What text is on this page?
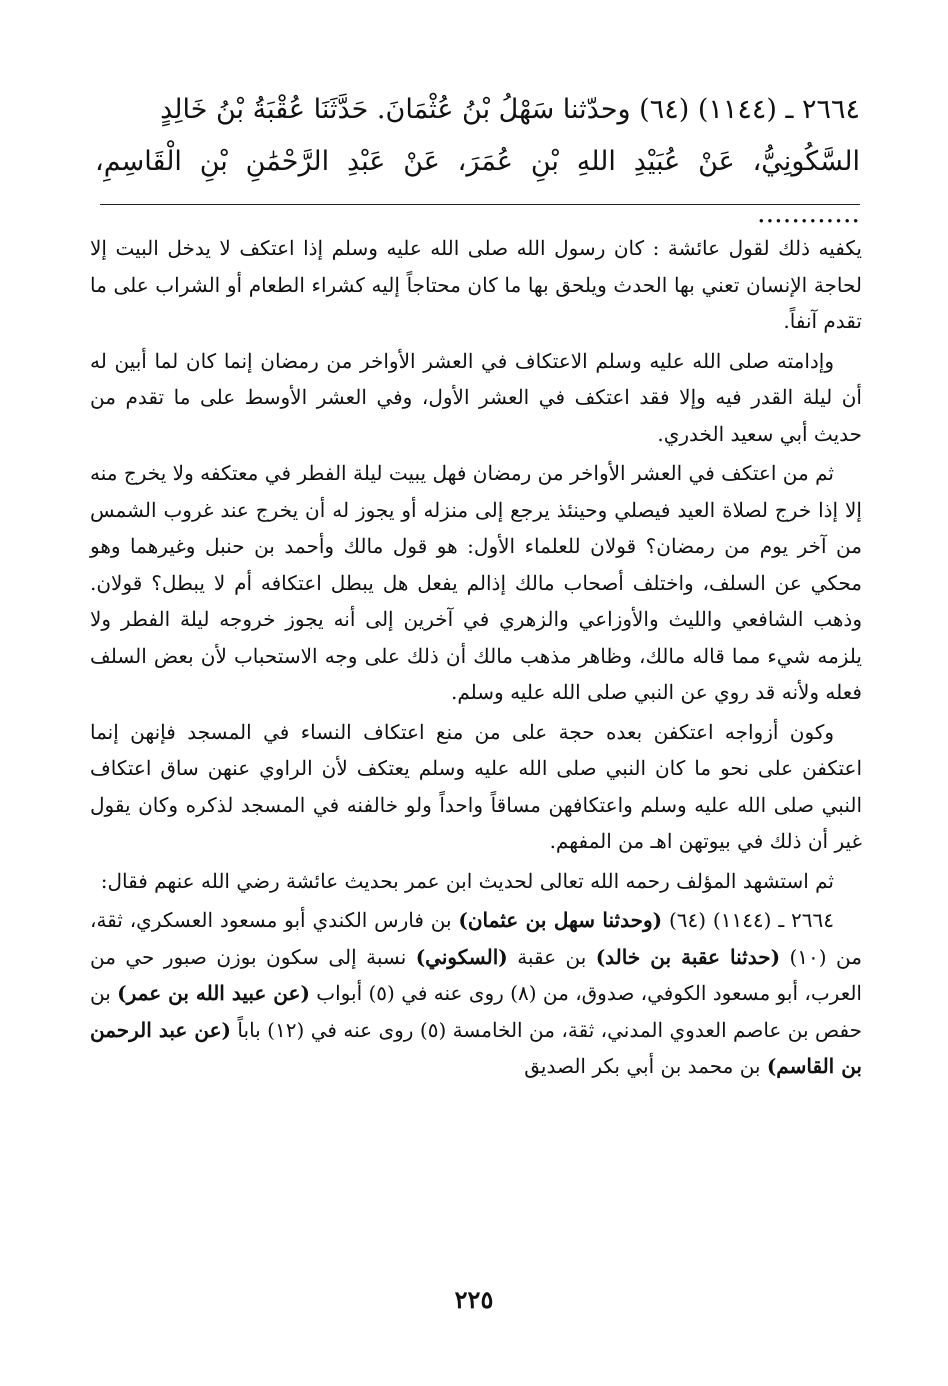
٢٦٦٤ ـ (١١٤٤) (٦٤) وحدّثنا سَهْلُ بْنُ عُثْمَانَ. حَدَّثَنَا عُقْبَةُ بْنُ خَالِدٍ

السَّكُونِيُّ، عَنْ عُبَيْدِ اللهِ بْنِ عُمَرَ، عَنْ عَبْدِ الرَّحْمَٰنِ بْنِ الْقَاسِمِ، ............

يكفيه ذلك لقول عائشة : كان رسول الله صلى الله عليه وسلم إذا اعتكف لا يدخل البيت إلا لحاجة الإنسان تعني بها الحدث ويلحق بها ما كان محتاجاً إليه كشراء الطعام أو الشراب على ما تقدم آنفاً.

وإدامته صلى الله عليه وسلم الاعتكاف في العشر الأواخر من رمضان إنما كان لما أبين له أن ليلة القدر فيه وإلا فقد اعتكف في العشر الأول، وفي العشر الأوسط على ما تقدم من حديث أبي سعيد الخدري.

ثم من اعتكف في العشر الأواخر من رمضان فهل يبيت ليلة الفطر في معتكفه ولا يخرج منه إلا إذا خرج لصلاة العيد فيصلي وحينئذ يرجع إلى منزله أو يجوز له أن يخرج عند غروب الشمس من آخر يوم من رمضان؟ قولان للعلماء الأول: هو قول مالك وأحمد بن حنبل وغيرهما وهو محكي عن السلف، واختلف أصحاب مالك إذالم يفعل هل يبطل اعتكافه أم لا يبطل؟ قولان. وذهب الشافعي والليث والأوزاعي والزهري في آخرين إلى أنه يجوز خروجه ليلة الفطر ولا يلزمه شيء مما قاله مالك، وظاهر مذهب مالك أن ذلك على وجه الاستحباب لأن بعض السلف فعله ولأنه قد روي عن النبي صلى الله عليه وسلم.

وكون أزواجه اعتكفن بعده حجة على من منع اعتكاف النساء في المسجد فإنهن إنما اعتكفن على نحو ما كان النبي صلى الله عليه وسلم يعتكف لأن الراوي عنهن ساق اعتكاف النبي صلى الله عليه وسلم واعتكافهن مساقاً واحداً ولو خالفنه في المسجد لذكره وكان يقول غير أن ذلك في بيوتهن اهـ من المفهم.

ثم استشهد المؤلف رحمه الله تعالى لحديث ابن عمر بحديث عائشة رضي الله عنهم فقال:

٢٦٦٤ ـ (١١٤٤) (٦٤) (وحدثنا سهل بن عثمان) بن فارس الكندي أبو مسعود العسكري، ثقة، من (١٠) (حدثنا عقبة بن خالد) بن عقبة (السكوني) نسبة إلى سكون بوزن صبور حي من العرب، أبو مسعود الكوفي، صدوق، من (٨) روى عنه في (٥) أبواب (عن عبيد الله بن عمر) بن حفص بن عاصم العدوي المدني، ثقة، من الخامسة (٥) روى عنه في (١٢) باباً (عن عبد الرحمن بن القاسم) بن محمد بن أبي بكر الصديق

٢٢٥
